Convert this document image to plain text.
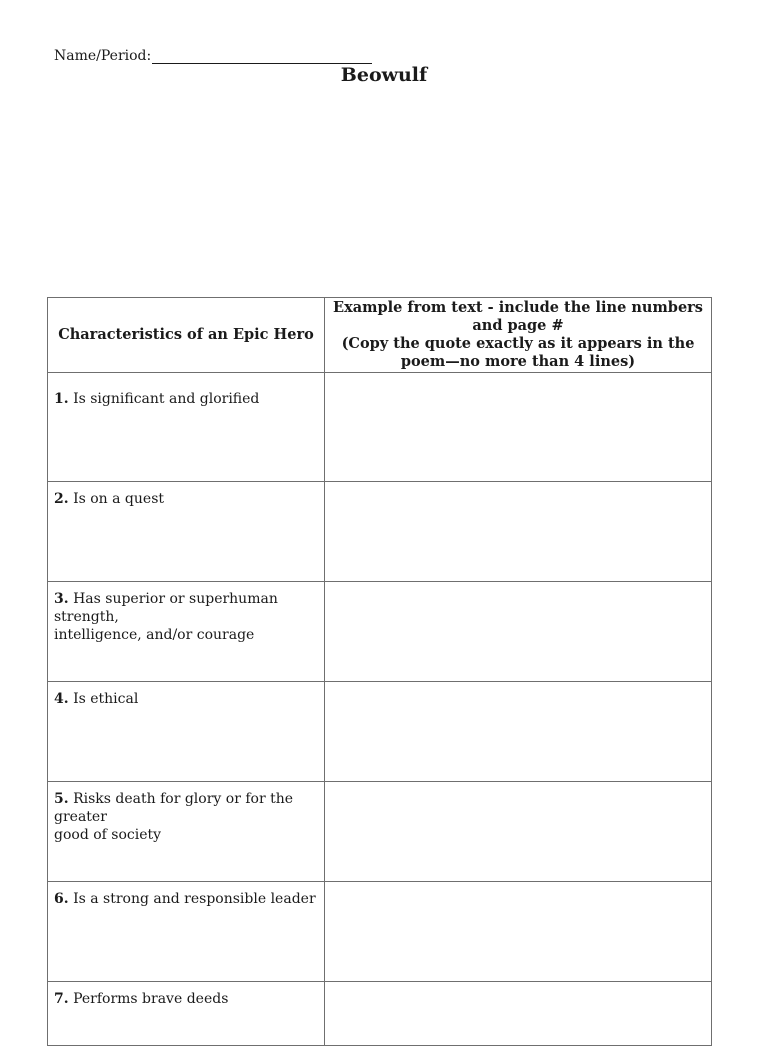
Name/Period:
Beowulf
Characteristics of an Epic Hero	Example from text - include the line numbers and page #
(Copy the quote exactly as it appears in the poem—no more than 4 lines)

1. Is significant and glorified	
2. Is on a quest	
3. Has superior or superhuman strength,
intelligence, and/or courage	
4. Is ethical	
5. Risks death for glory or for the greater
good of society	
6. Is a strong and responsible leader	
7. Performs brave deeds	
